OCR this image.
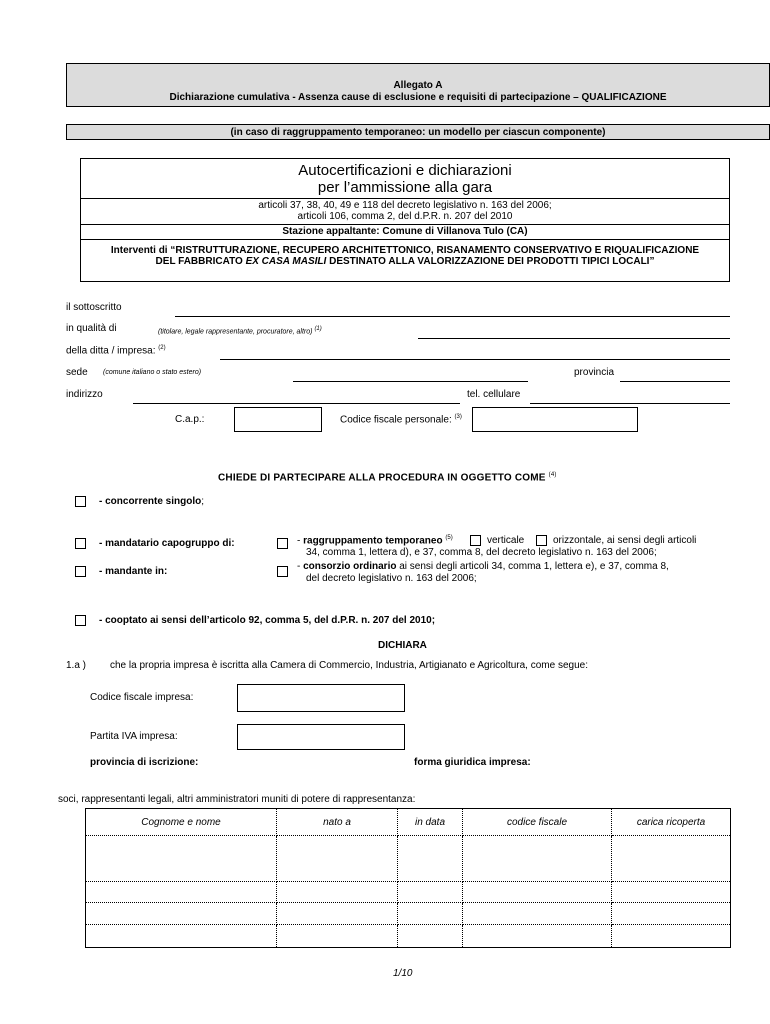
Allegato A
Dichiarazione cumulativa - Assenza cause di esclusione e requisiti di partecipazione – QUALIFICAZIONE
(in caso di raggruppamento temporaneo: un modello per ciascun componente)
Autocertificazioni e dichiarazioni
per l’ammissione alla gara
articoli 37, 38, 40, 49 e 118 del decreto legislativo n. 163 del 2006;
articoli 106, comma 2, del d.P.R. n. 207 del 2010
Stazione appaltante: Comune di Villanova Tulo (CA)
Interventi di “RISTRUTTURAZIONE, RECUPERO ARCHITETTONICO, RISANAMENTO CONSERVATIVO E RIQUALIFICAZIONE
DEL FABBRICATO EX CASA MASILI DESTINATO ALLA VALORIZZAZIONE DEI PRODOTTI TIPICI LOCALI”
il sottoscritto
in qualità di	(titolare, legale rappresentante, procuratore, altro) $^{(1)}$
della ditta / impresa: $^{(2)}$
sede (comune italiano o stato estero)	provincia
indirizzo	tel. cellulare
C.a.p.:	Codice fiscale personale: $^{(3)}$
CHIEDE DI PARTECIPARE ALLA PROCEDURA IN OGGETTO COME $^{(4)}$
- concorrente singolo;
- mandatario capogruppo di:
- mandante in:
- raggruppamento temporaneo $^{(5)}$	verticale	orizzontale, ai sensi degli articoli
34, comma 1, lettera d), e 37, comma 8, del decreto legislativo n. 163 del 2006;
- consorzio ordinario ai sensi degli articoli 34, comma 1, lettera e), e 37, comma 8,
del decreto legislativo n. 163 del 2006;
- cooptato ai sensi dell’articolo 92, comma 5, del d.P.R. n. 207 del 2010;
DICHIARA
1.a ) che la propria impresa è iscritta alla Camera di Commercio, Industria, Artigianato e Agricoltura, come segue:
Codice fiscale impresa:
Partita IVA impresa:
provincia di iscrizione:	forma giuridica impresa:
soci, rappresentanti legali, altri amministratori muniti di potere di rappresentanza:
Cognome e nome	nato a	in data	codice fiscale	carica ricoperta

1/10
